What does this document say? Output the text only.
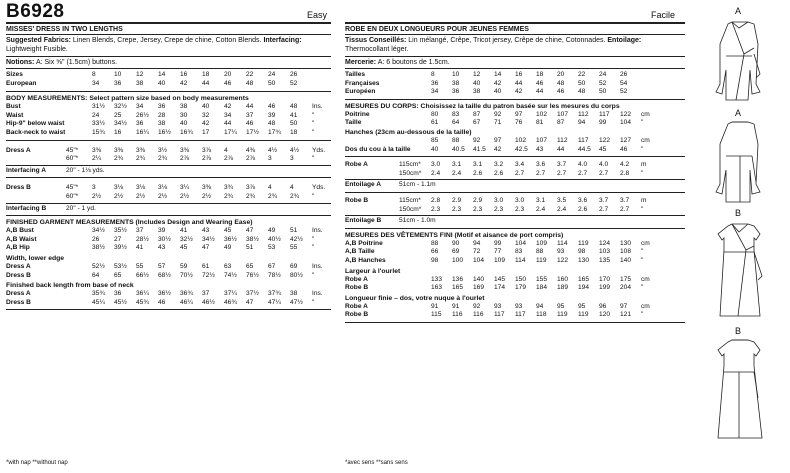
B6928	Easy
MISSES' DRESS IN TWO LENGTHS
Suggested Fabrics: Linen Blends, Crepe, Jersey, Crepe de chine, Cotton Blends. Interfacing:
Lightweight Fusible.
Notions: A: Six ⅝" (1.5cm) buttons.
Sizes	8	10	12	14	16	18	20	22	24	26
European	34	36	38	40	42	44	46	48	50	52
BODY MEASUREMENTS: Select pattern size based on body measurements
Bust	31½	32½	34	36	38	40	42	44	46	48	Ins.
Waist	24	25	26½	28	30	32	34	37	39	41	"
Hip-9" below waist	33½	34½	36	38	40	42	44	46	48	50	"
Back-neck to waist	15¾	16	16¼	16½	16¾	17	17¼	17½	17¾	18	"
Dress A	45"*	3⅜	3⅜	3⅜	3½	3⅜	3⅞	4	4⅜	4½	4½	Yds.
	60"*	2¼	2¾	2¾	2¾	2⅞	2⅞	2⅞	2⅞	3	3	"
Interfacing A	20" - 1⅛ yds.
Dress B	45"*	3	3⅛	3⅛	3⅛	3¼	3⅜	3¾	3⅞	4	4	Yds.
	60"*	2½	2½	2½	2½	2½	2½	2¾	2¾	2¾	2¾	"
Interfacing B	20" - 1 yd.
FINISHED GARMENT MEASUREMENTS (Includes Design and Wearing Ease)
A,B Bust	34½	35½	37	39	41	43	45	47	49	51	Ins.
A,B Waist	26	27	28½	30½	32½	34½	36½	38½	40½	42½	"
A,B Hip	38½	39½	41	43	45	47	49	51	53	55	"
Width, lower edge
Dress A	52½	53½	55	57	59	61	63	65	67	69	Ins.
Dress B	64	65	66½	68½	70½	72½	74½	76½	78½	80½	"
Finished back length from base of neck
Dress A	35¾	36	36¼	36½	36¾	37	37¼	37½	37¾	38	Ins.
Dress B	45¼	45½	45¾	46	46¼	46½	46¾	47	47¼	47½	"
*with nap **without nap
Facile
ROBE EN DEUX LONGUEURS POUR JEUNES FEMMES
Tissus Conseillés: Lin mélangé, Crêpe, Tricot jersey, Crêpe de chine, Cotonnades. Entoilage:
Thermocollant léger.
Mercerie: A: 6 boutons de 1.5cm.
Tailles	8	10	12	14	16	18	20	22	24	26
Françaises	36	38	40	42	44	46	48	50	52	54
Européen	34	36	38	40	42	44	46	48	50	52
MESURES DU CORPS: Choisissez la taille du patron basée sur les mesures du corps
Poitrine	80	83	87	92	97	102	107	112	117	122	cm
Taille	61	64	67	71	76	81	87	94	99	104	"
Hanches (23cm au-dessous de la taille)
	85	88	92	97	102	107	112	117	122	127	cm
Dos du cou à la taille	40	40.5	41.5	42	42.5	43	44	44.5	45	46	"
Robe A	115cm*	3.0	3.1	3.1	3.2	3.4	3.6	3.7	4.0	4.0	4.2	m
	150cm*	2.4	2.4	2.6	2.6	2.7	2.7	2.7	2.7	2.7	2.8	"
Entoilage A	51cm - 1.1m
Robe B	115cm*	2.8	2.9	2.9	3.0	3.0	3.1	3.5	3.6	3.7	3.7	m
	150cm*	2.3	2.3	2.3	2.3	2.3	2.4	2.4	2.6	2.7	2.7	"
Entoilage B	51cm - 1.0m
MESURES DES VÊTEMENTS FINI (Motif et aisance de port compris)
A,B Poitrine	88	90	94	99	104	109	114	119	124	130	cm
A,B Taille	66	69	72	77	83	88	93	98	103	108	"
A,B Hanches	98	100	104	109	114	119	122	130	135	140	"
Largeur à l'ourlet
Robe A	133	136	140	145	150	155	160	165	170	175	cm
Robe B	163	165	169	174	179	184	189	194	199	204	"
Longueur finie – dos, votre nuque à l'ourlet
Robe A	91	91	92	93	93	94	95	95	96	97	cm
Robe B	115	116	116	117	117	118	119	119	120	121	"
*avec sens **sans sens
A
A
B
B
